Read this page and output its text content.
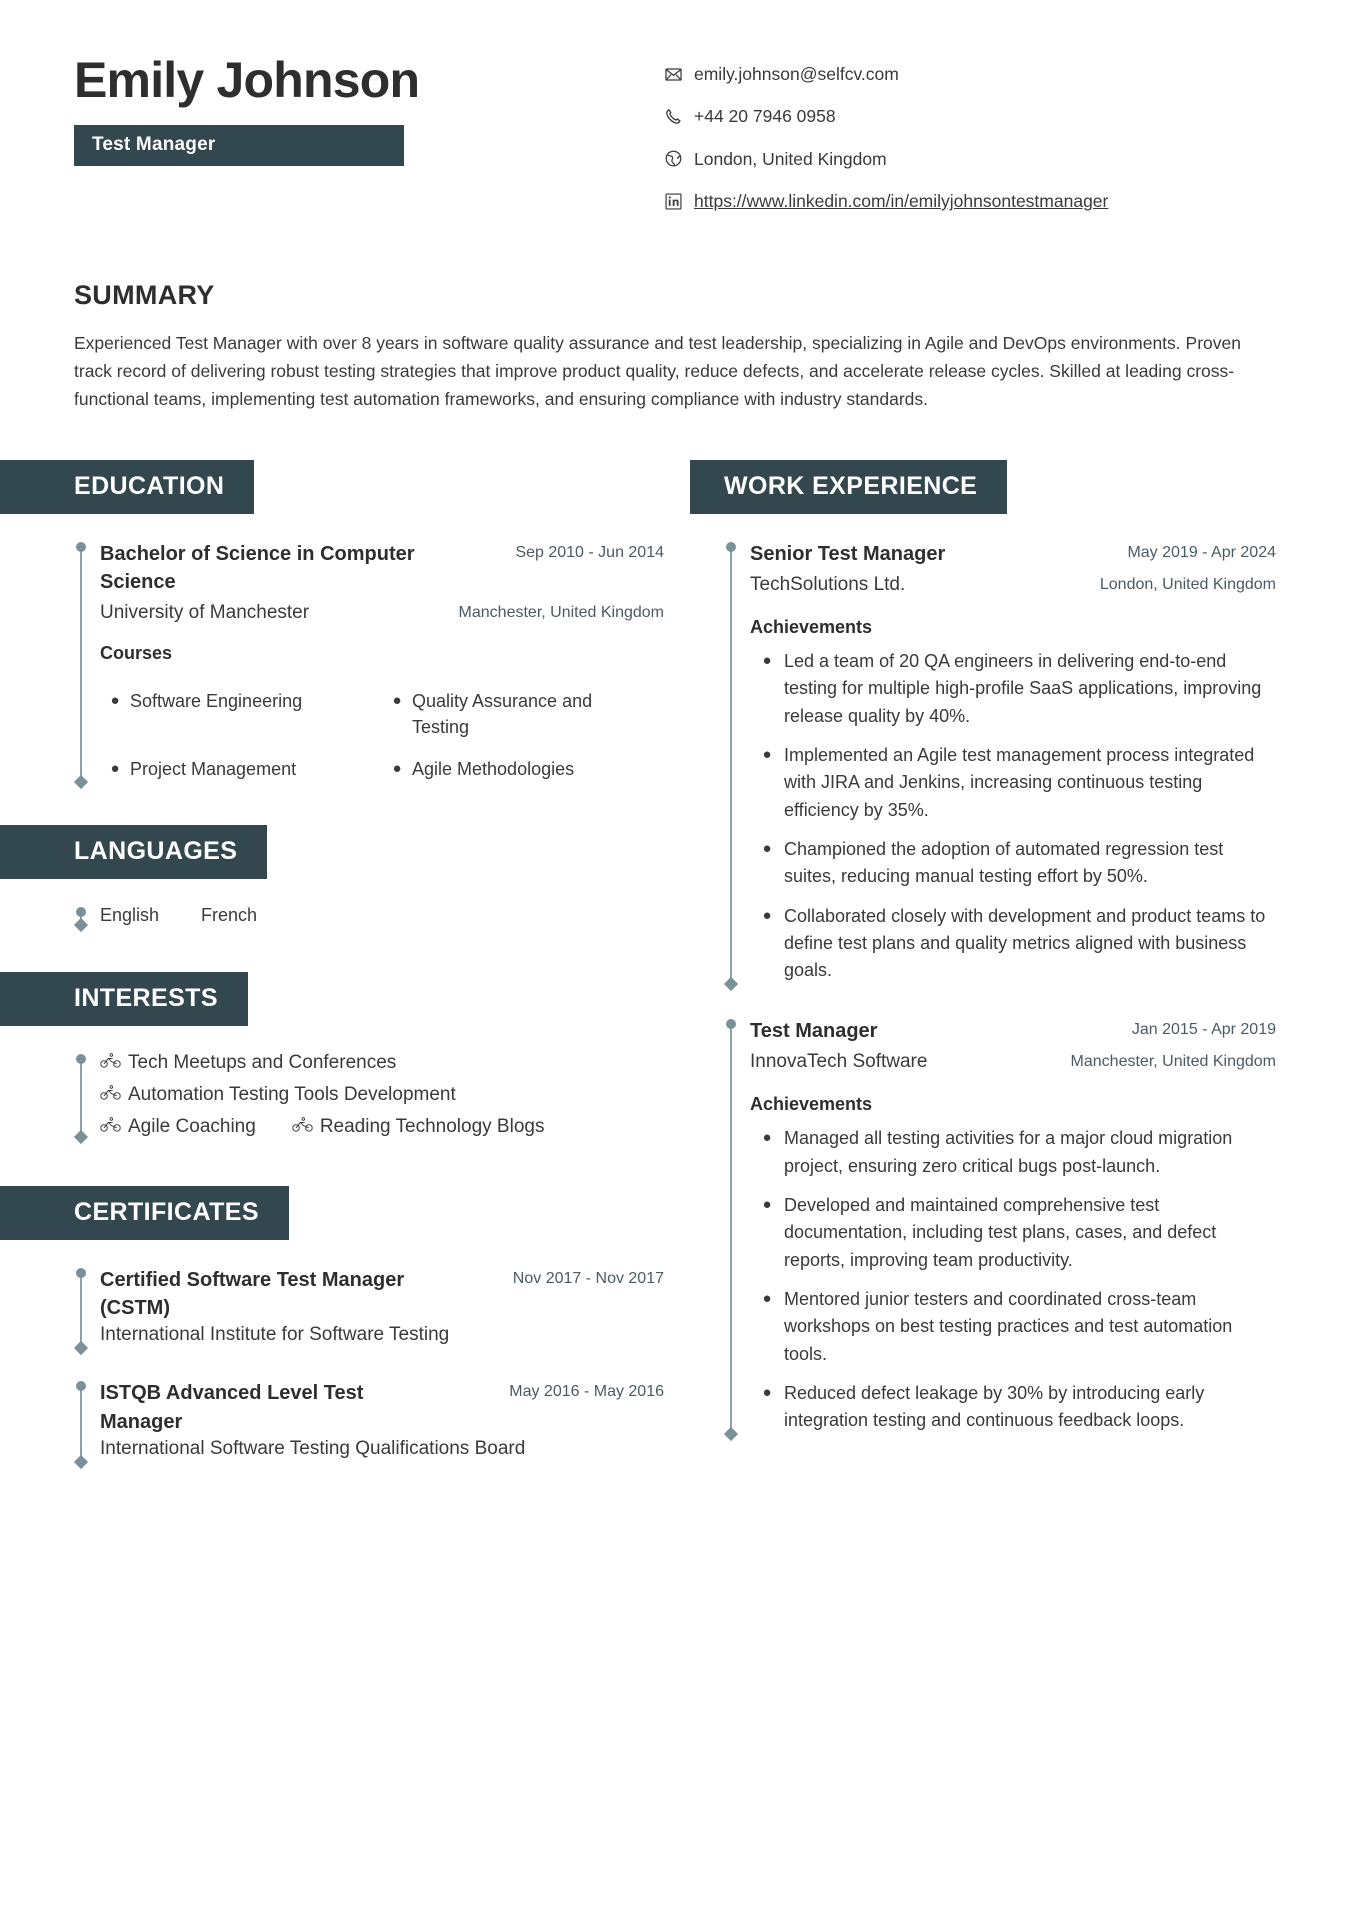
Emily Johnson
Test Manager
emily.johnson@selfcv.com
+44 20 7946 0958
London, United Kingdom
https://www.linkedin.com/in/emilyjohnsontestmanager
SUMMARY
Experienced Test Manager with over 8 years in software quality assurance and test leadership, specializing in Agile and DevOps environments. Proven track record of delivering robust testing strategies that improve product quality, reduce defects, and accelerate release cycles. Skilled at leading cross-functional teams, implementing test automation frameworks, and ensuring compliance with industry standards.
EDUCATION
Bachelor of Science in Computer Science
Sep 2010 - Jun 2014
University of Manchester	Manchester, United Kingdom
Courses
● Software Engineering	● Quality Assurance and Testing
● Project Management	● Agile Methodologies
LANGUAGES
English French
INTERESTS
Tech Meetups and Conferences
Automation Testing Tools Development
Agile Coaching	Reading Technology Blogs
CERTIFICATES
Certified Software Test Manager (CSTM)
Nov 2017 - Nov 2017
International Institute for Software Testing
ISTQB Advanced Level Test Manager
May 2016 - May 2016
International Software Testing Qualifications Board
WORK EXPERIENCE
Senior Test Manager	May 2019 - Apr 2024
TechSolutions Ltd.	London, United Kingdom
Achievements
● Led a team of 20 QA engineers in delivering end-to-end testing for multiple high-profile SaaS applications, improving release quality by 40%.
● Implemented an Agile test management process integrated with JIRA and Jenkins, increasing continuous testing efficiency by 35%.
● Championed the adoption of automated regression test suites, reducing manual testing effort by 50%.
● Collaborated closely with development and product teams to define test plans and quality metrics aligned with business goals.
Test Manager	Jan 2015 - Apr 2019
InnovaTech Software	Manchester, United Kingdom
Achievements
● Managed all testing activities for a major cloud migration project, ensuring zero critical bugs post-launch.
● Developed and maintained comprehensive test documentation, including test plans, cases, and defect reports, improving team productivity.
● Mentored junior testers and coordinated cross-team workshops on best testing practices and test automation tools.
● Reduced defect leakage by 30% by introducing early integration testing and continuous feedback loops.
